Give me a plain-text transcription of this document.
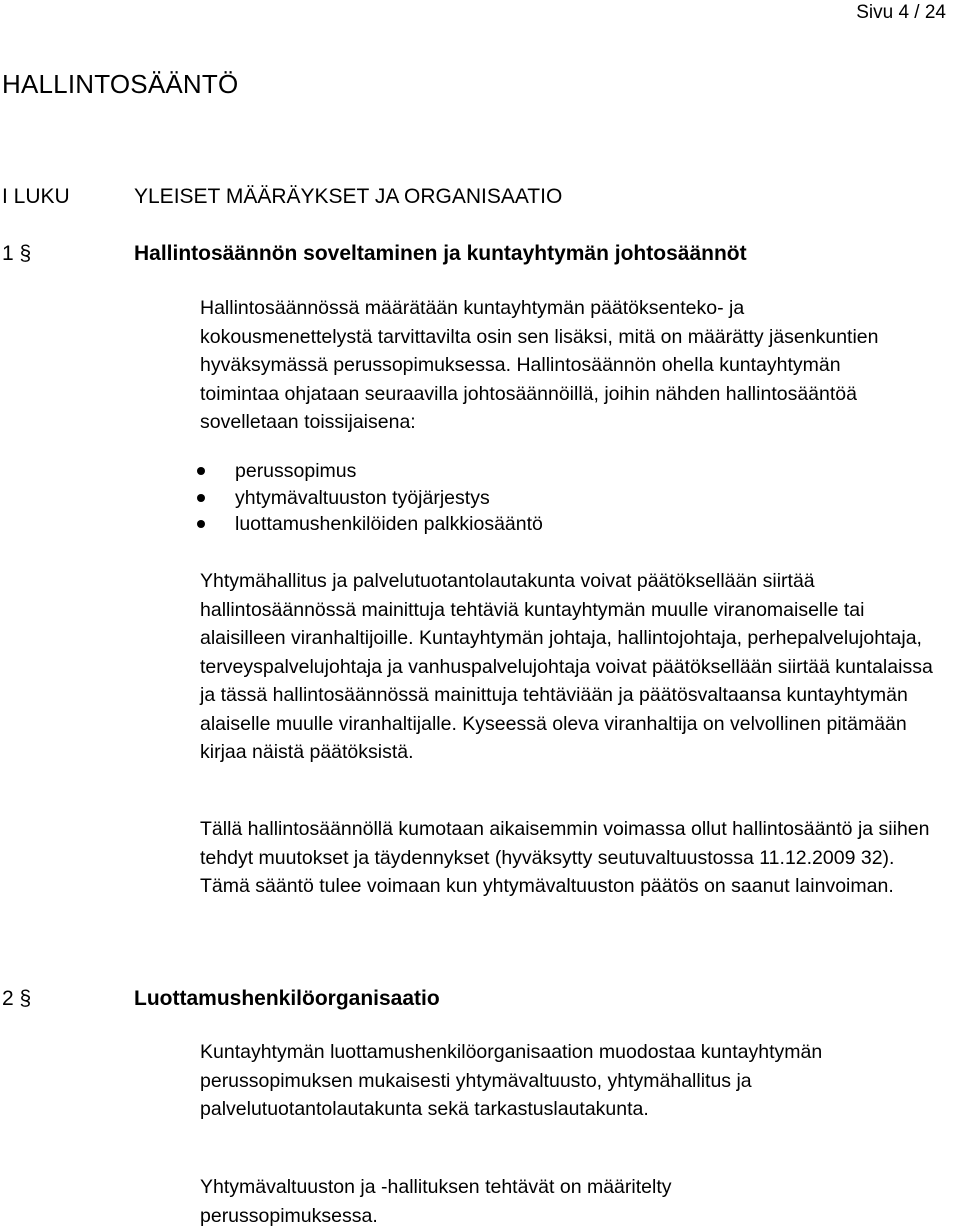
Sivu 4 / 24
HALLINTOSÄÄNTÖ
I LUKU	YLEISET MÄÄRÄYKSET JA ORGANISAATIO
1 §	Hallintosäännön soveltaminen ja kuntayhtymän johtosäännöt

Hallintosäännössä määrätään kuntayhtymän päätöksenteko- ja kokousmenettelystä tarvittavilta osin sen lisäksi, mitä on määrätty jäsenkuntien hyväksymässä perussopimuksessa. Hallintosäännön ohella kuntayhtymän toimintaa ohjataan seuraavilla johtosäännöillä, joihin nähden hallintosääntöä sovelletaan toissijaisena:

perussopimus
yhtymävaltuuston työjärjestys
luottamushenkilöiden palkkiosääntö

Yhtymähallitus ja palvelutuotantolautakunta voivat päätöksellään siirtää hallintosäännössä mainittuja tehtäviä kuntayhtymän muulle viranomaiselle tai alaisilleen viranhaltijoille. Kuntayhtymän johtaja, hallintojohtaja, perhepalvelujohtaja, terveyspalvelujohtaja ja vanhuspalvelujohtaja voivat päätöksellään siirtää kuntalaissa ja tässä hallintosäännössä mainittuja tehtäviään ja päätösvaltaansa kuntayhtymän alaiselle muulle viranhaltijalle. Kyseessä oleva viranhaltija on velvollinen pitämään kirjaa näistä päätöksistä.

Tällä hallintosäännöllä kumotaan aikaisemmin voimassa ollut hallintosääntö ja siihen tehdyt muutokset ja täydennykset (hyväksytty seutuvaltuustossa 11.12.2009 32). Tämä sääntö tulee voimaan kun yhtymävaltuuston päätös on saanut lainvoiman.

2 §	Luottamushenkilöorganisaatio

Kuntayhtymän luottamushenkilöorganisaation muodostaa kuntayhtymän perussopimuksen mukaisesti yhtymävaltuusto, yhtymähallitus ja palvelutuotantolautakunta sekä tarkastuslautakunta.

Yhtymävaltuuston ja -hallituksen tehtävät on määritelty perussopimuksessa.
